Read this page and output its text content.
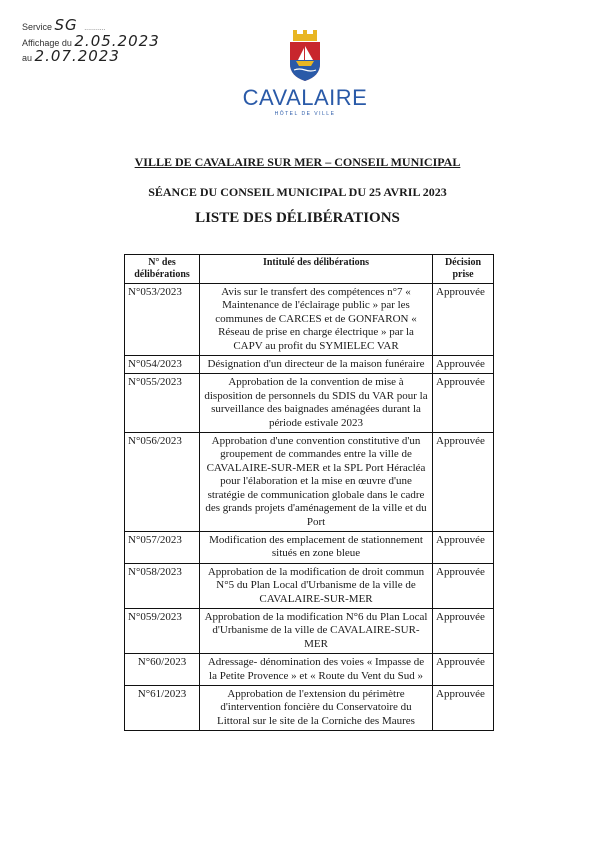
Service SG ...........
Affichage du 2.05.2023
au 2.07.2023
CAVALAIRE
HÔTEL DE VILLE
VILLE DE CAVALAIRE SUR MER – CONSEIL MUNICIPAL
SÉANCE DU CONSEIL MUNICIPAL DU 25 AVRIL 2023
LISTE DES DÉLIBÉRATIONS
N° des délibérations	Intitulé des délibérations	Décision prise
N°053/2023	Avis sur le transfert des compétences n°7 « Maintenance de l'éclairage public » par les communes de CARCES et de GONFARON « Réseau de prise en charge électrique » par la CAPV au profit du SYMIELEC VAR	Approuvée
N°054/2023	Désignation d'un directeur de la maison funéraire	Approuvée
N°055/2023	Approbation de la convention de mise à disposition de personnels du SDIS du VAR pour la surveillance des baignades aménagées durant la période estivale 2023	Approuvée
N°056/2023	Approbation d'une convention constitutive d'un groupement de commandes entre la ville de CAVALAIRE-SUR-MER et la SPL Port Héracléa pour l'élaboration et la mise en œuvre d'une stratégie de communication globale dans le cadre des grands projets d'aménagement de la ville et du Port	Approuvée
N°057/2023	Modification des emplacement de stationnement situés en zone bleue	Approuvée
N°058/2023	Approbation de la modification de droit commun N°5 du Plan Local d'Urbanisme de la ville de CAVALAIRE-SUR-MER	Approuvée
N°059/2023	Approbation de la modification N°6 du Plan Local d'Urbanisme de la ville de CAVALAIRE-SUR-MER	Approuvée
N°60/2023	Adressage- dénomination des voies « Impasse de la Petite Provence » et « Route du Vent du Sud »	Approuvée
N°61/2023	Approbation de l'extension du périmètre d'intervention foncière du Conservatoire du Littoral sur le site de la Corniche des Maures	Approuvée
